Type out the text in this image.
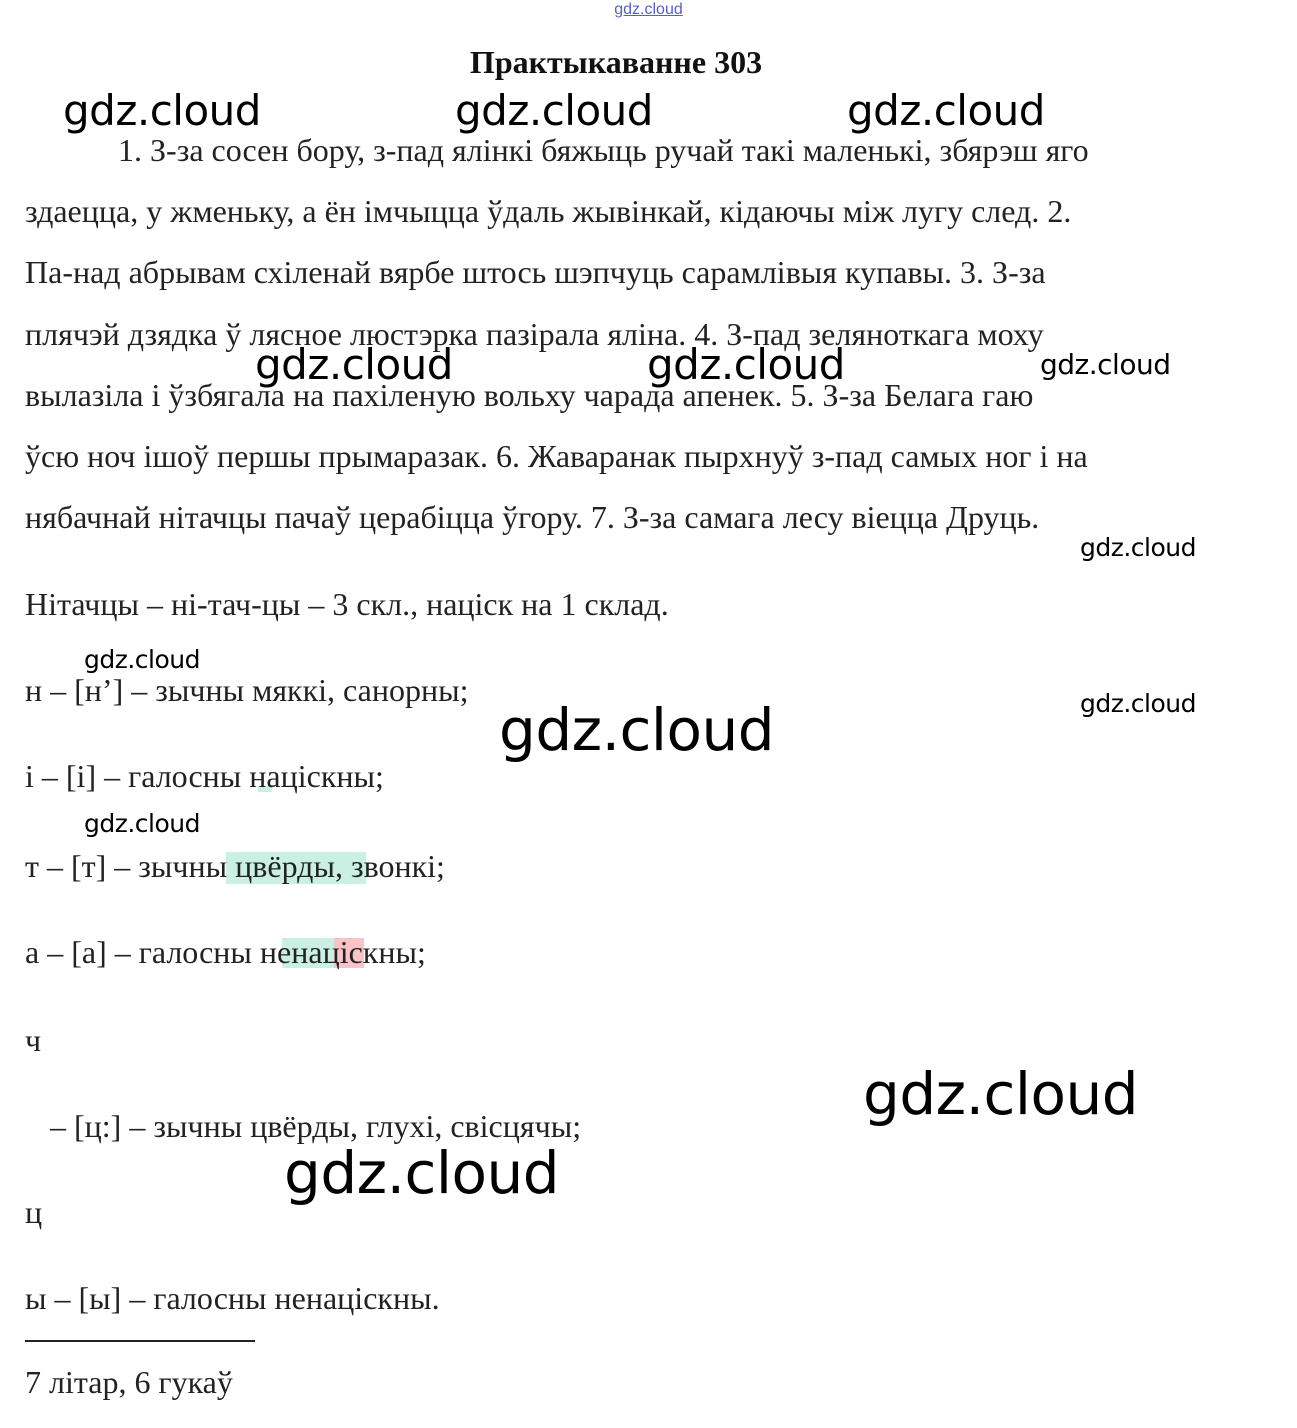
gdz.cloud
Практыкаванне 303
1. З-за сосен бору, з-пад ялінкі бяжыць ручай такі маленькі, збярэш яго
здаецца, у жменьку, а ён імчыцца ўдаль жывінкай, кідаючы між лугу след. 2.
Па-над абрывам схіленай вярбе штось шэпчуць сарамлівыя купавы. 3. З-за
плячэй дзядка ў лясное люстэрка пазірала яліна. 4. З-пад зеляноткага моху
вылазіла і ўзбягала на пахіленую вольху чарада апенек. 5. З-за Белага гаю
ўсю ноч ішоў першы прымаразак. 6. Жаваранак пырхнуў з-пад самых ног і на
нябачнай нітачцы пачаў церабіцца ўгору. 7. З-за самага лесу віецца Друць.
Нітачцы – ні-тач-цы – 3 скл., націск на 1 склад.
н – [н’] – зычны мяккі, санорны;
і – [і] – галосны націскны;
т – [т] – зычны цвёрды, звонкі;
а – [а] – галосны ненаціскны;
ч
– [ц:] – зычны цвёрды, глухі, свісцячы;
ц
ы – [ы] – галосны ненаціскны.
7 літар, 6 гукаў
gdz.cloud	gdz.cloud	gdz.cloud
gdz.cloud	gdz.cloud	gdz.cloud
gdz.cloud
gdz.cloud
gdz.cloud
gdz.cloud
gdz.cloud
gdz.cloud
gdz.cloud
